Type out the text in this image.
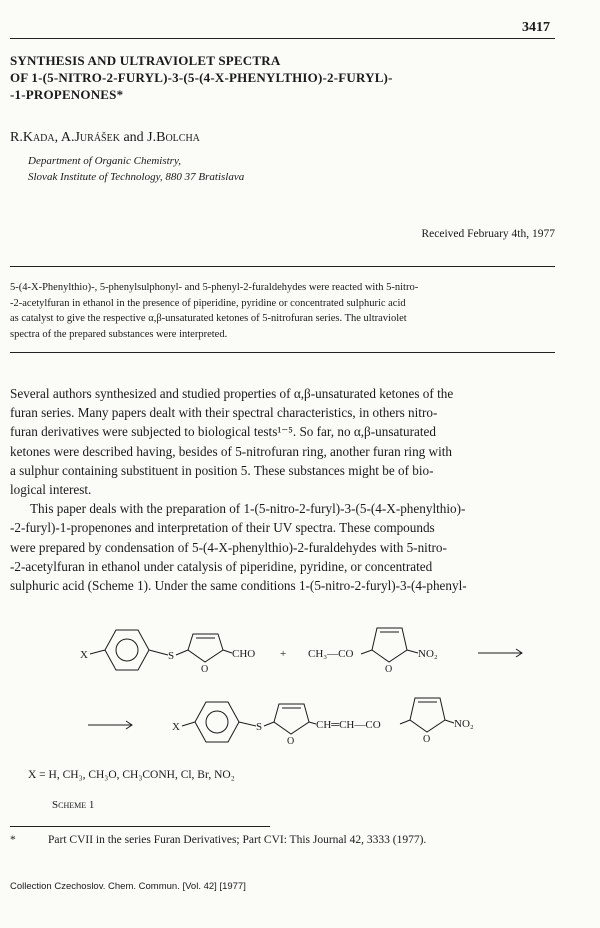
3417
SYNTHESIS AND ULTRAVIOLET SPECTRA
OF 1-(5-NITRO-2-FURYL)-3-(5-(4-X-PHENYLTHIO)-2-FURYL)-
-1-PROPENONES*
R.Kada, A.Jurášek and J.Bolcha
Department of Organic Chemistry,
Slovak Institute of Technology, 880 37 Bratislava
Received February 4th, 1977
5-(4-X-Phenylthio)-, 5-phenylsulphonyl- and 5-phenyl-2-furaldehydes were reacted with 5-nitro-
-2-acetylfuran in ethanol in the presence of piperidine, pyridine or concentrated sulphuric acid
as catalyst to give the respective α,β-unsaturated ketones of 5-nitrofuran series. The ultraviolet
spectra of the prepared substances were interpreted.
Several authors synthesized and studied properties of α,β-unsaturated ketones of the
furan series. Many papers dealt with their spectral characteristics, in others nitro-
furan derivatives were subjected to biological tests¹⁻⁵. So far, no α,β-unsaturated
ketones were described having, besides of 5-nitrofuran ring, another furan ring with
a sulphur containing substituent in position 5. These substances might be of bio-
logical interest.
This paper deals with the preparation of 1-(5-nitro-2-furyl)-3-(5-(4-X-phenylthio)-
-2-furyl)-1-propenones and interpretation of their UV spectra. These compounds
were prepared by condensation of 5-(4-X-phenylthio)-2-furaldehydes with 5-nitro-
-2-acetylfuran in ethanol under catalysis of piperidine, pyridine, or concentrated
sulphuric acid (Scheme 1). Under the same conditions 1-(5-nitro-2-furyl)-3-(4-phenyl-
X	S
O
CHO + CH₃—CO
O
NO₂
X	S
O
CH═CH—CO
O
NO₂
X = H, CH₃, CH₃O, CH₃CONH, Cl, Br, NO₂
Scheme 1
*	Part CVII in the series Furan Derivatives; Part CVI: This Journal 42, 3333 (1977).
Collection Czechoslov. Chem. Commun. [Vol. 42] [1977]
